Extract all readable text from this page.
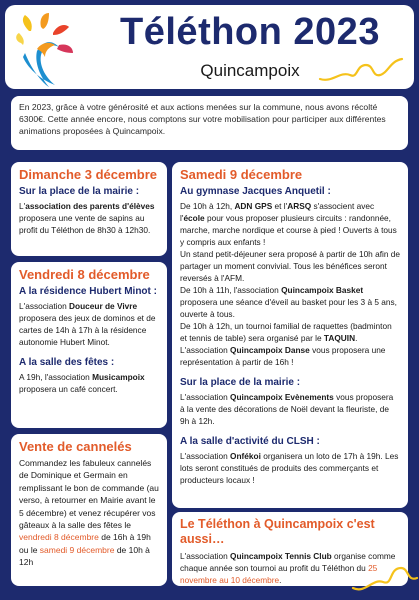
Téléthon 2023
Quincampoix

En 2023, grâce à votre générosité et aux actions menées sur la commune, nous avons récolté 6300€. Cette année encore, nous comptons sur votre mobilisation pour participer aux différentes animations proposées à Quincampoix.

Dimanche 3 décembre
Sur la place de la mairie :

L'association des parents d'élèves proposera une vente de sapins au profit du Téléthon de 8h30 à 12h30.

Vendredi 8 décembre
A la résidence Hubert Minot :

L'association Douceur de Vivre proposera des jeux de dominos et de cartes de 14h à 17h à la résidence autonomie Hubert Minot.

A la salle des fêtes :

A 19h, l'association Musicampoix proposera un café concert.

Vente de cannelés

Commandez les fabuleux cannelés de Dominique et Germain en remplissant le bon de commande (au verso, à retourner en Mairie avant le 5 décembre) et venez récupérer vos gâteaux à la salle des fêtes le vendredi 8 décembre de 16h à 19h ou le samedi 9 décembre de 10h à 12h

Samedi 9 décembre
Au gymnase Jacques Anquetil :

De 10h à 12h, ADN GPS et l'ARSQ s'associent avec l'école pour vous proposer plusieurs circuits : randonnée, marche, marche nordique et course à pied ! Ouverts à tous y compris aux enfants !

Un stand petit-déjeuner sera proposé à partir de 10h afin de partager un moment convivial. Tous les bénéfices seront reversés à l'AFM.

De 10h à 11h, l'association Quincampoix Basket proposera une séance d'éveil au basket pour les 3 à 5 ans, ouverte à tous.

De 10h à 12h, un tournoi familial de raquettes (badminton et tennis de table) sera organisé par le TAQUIN.

L'association Quincampoix Danse vous proposera une représentation à partir de 16h !

Sur la place de la mairie :

L'association Quincampoix Evènements vous proposera à la vente des décorations de Noël devant la fleuriste, de 9h à 12h.

A la salle d'activité du CLSH :

L'association Onfékoi organisera un loto de 17h à 19h. Les lots seront constitués de produits des commerçants et producteurs locaux !

Le Téléthon à Quincampoix c'est aussi…

L'association Quincampoix Tennis Club organise comme chaque année son tournoi au profit du Téléthon du 25 novembre au 10 décembre.
